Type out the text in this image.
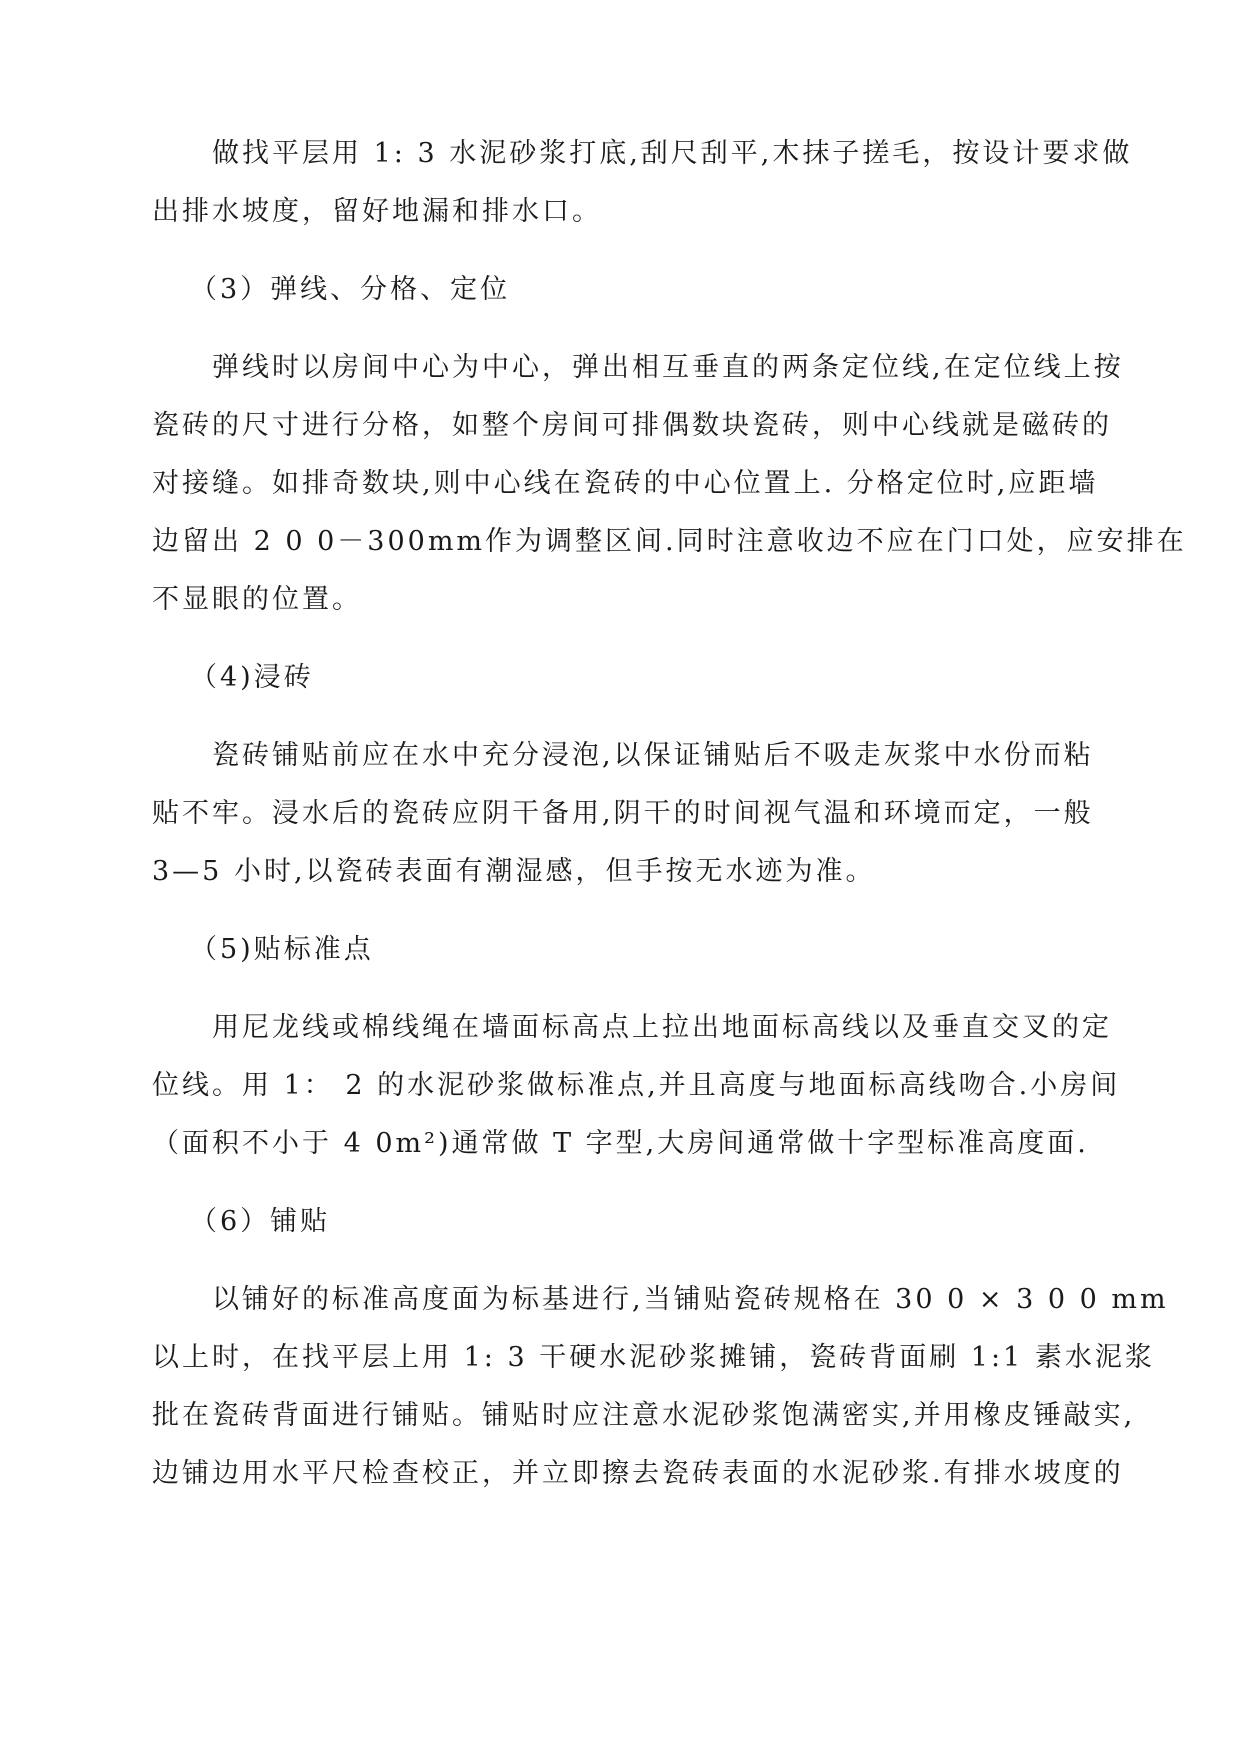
　　做找平层用 1: 3 水泥砂浆打底,刮尺刮平,木抹子搓毛，按设计要求做
出排水坡度，留好地漏和排水口。
（3）弹线、分格、定位
　　弹线时以房间中心为中心，弹出相互垂直的两条定位线,在定位线上按
瓷砖的尺寸进行分格，如整个房间可排偶数块瓷砖，则中心线就是磁砖的
对接缝。如排奇数块,则中心线在瓷砖的中心位置上. 分格定位时,应距墙
边留出 2 0 0－300mm作为调整区间.同时注意收边不应在门口处，应安排在
不显眼的位置。
（4)浸砖
　　瓷砖铺贴前应在水中充分浸泡,以保证铺贴后不吸走灰浆中水份而粘
贴不牢。浸水后的瓷砖应阴干备用,阴干的时间视气温和环境而定，一般
3—5 小时,以瓷砖表面有潮湿感，但手按无水迹为准。
（5)贴标准点
　　用尼龙线或棉线绳在墙面标高点上拉出地面标高线以及垂直交叉的定
位线。用 1： 2 的水泥砂浆做标准点,并且高度与地面标高线吻合.小房间
（面积不小于 4 0m²)通常做 T 字型,大房间通常做十字型标准高度面.
（6）铺贴
　　以铺好的标准高度面为标基进行,当铺贴瓷砖规格在 30 0 × 3 0 0 mm
以上时，在找平层上用 1: 3 干硬水泥砂浆摊铺，瓷砖背面刷 1:1 素水泥浆
批在瓷砖背面进行铺贴。铺贴时应注意水泥砂浆饱满密实,并用橡皮锤敲实,
边铺边用水平尺检查校正，并立即擦去瓷砖表面的水泥砂浆.有排水坡度的
